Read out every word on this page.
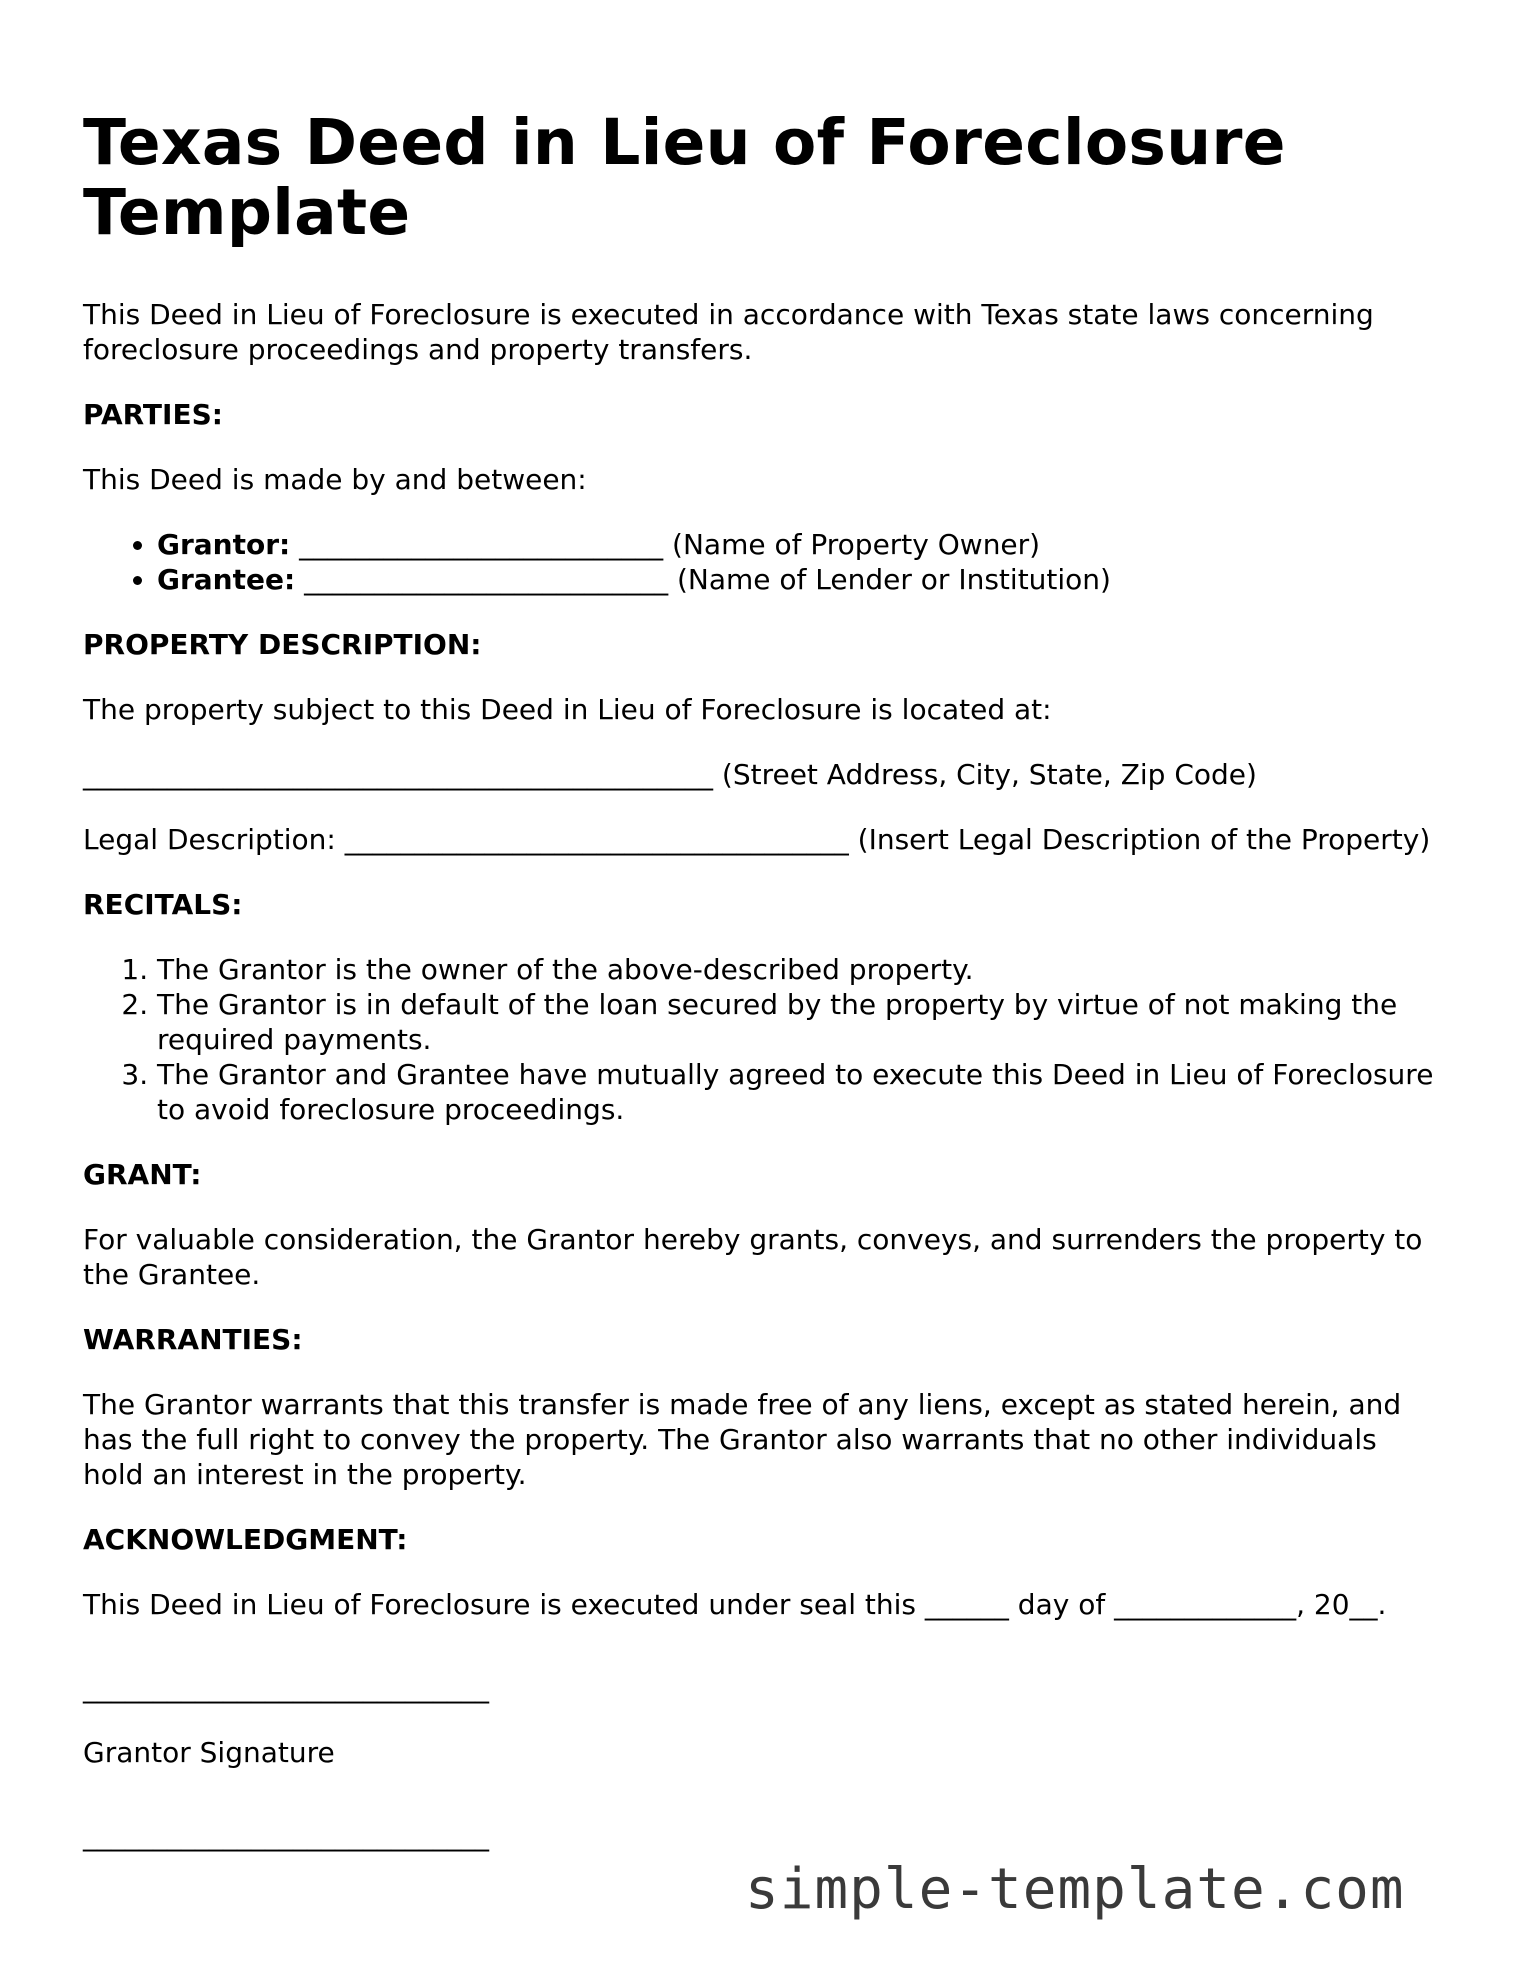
Texas Deed in Lieu of Foreclosure Template

This Deed in Lieu of Foreclosure is executed in accordance with Texas state laws concerning foreclosure proceedings and property transfers.

PARTIES:

This Deed is made by and between:

• Grantor: __________________________ (Name of Property Owner)
• Grantee: __________________________ (Name of Lender or Institution)
PROPERTY DESCRIPTION:

The property subject to this Deed in Lieu of Foreclosure is located at:

_____________________________________________ (Street Address, City, State, Zip Code)

Legal Description: ____________________________________ (Insert Legal Description of the Property)

RECITALS:
1. The Grantor is the owner of the above-described property.
2. The Grantor is in default of the loan secured by the property by virtue of not making the required payments.
3. The Grantor and Grantee have mutually agreed to execute this Deed in Lieu of Foreclosure to avoid foreclosure proceedings.
GRANT:

For valuable consideration, the Grantor hereby grants, conveys, and surrenders the property to the Grantee.

WARRANTIES:

The Grantor warrants that this transfer is made free of any liens, except as stated herein, and has the full right to convey the property. The Grantor also warrants that no other individuals hold an interest in the property.

ACKNOWLEDGMENT:

This Deed in Lieu of Foreclosure is executed under seal this ______ day of _____________, 20__.

_____________________________
Grantor Signature
_____________________________
simple-template.com
